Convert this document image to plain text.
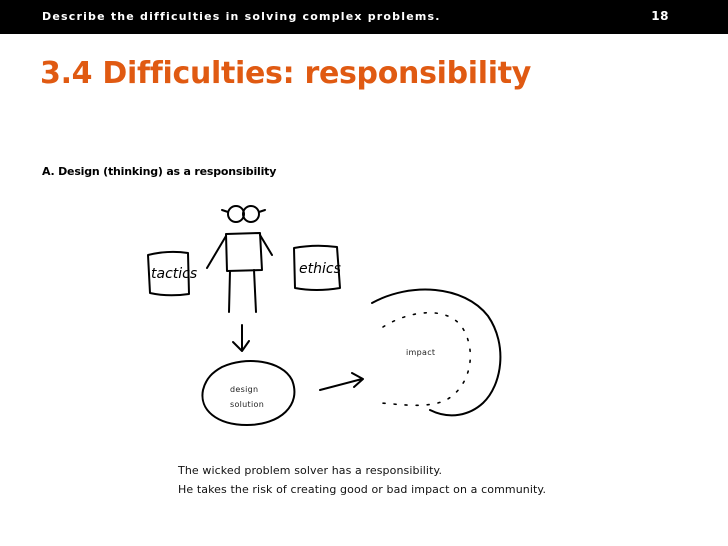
Describe the difficulties in solving complex problems.	18
3.4 Difficulties: responsibility
A. Design (thinking) as a responsibility
tactics	ethics
impact
design
solution
The wicked problem solver has a responsibility.
He takes the risk of creating good or bad impact on a community.
